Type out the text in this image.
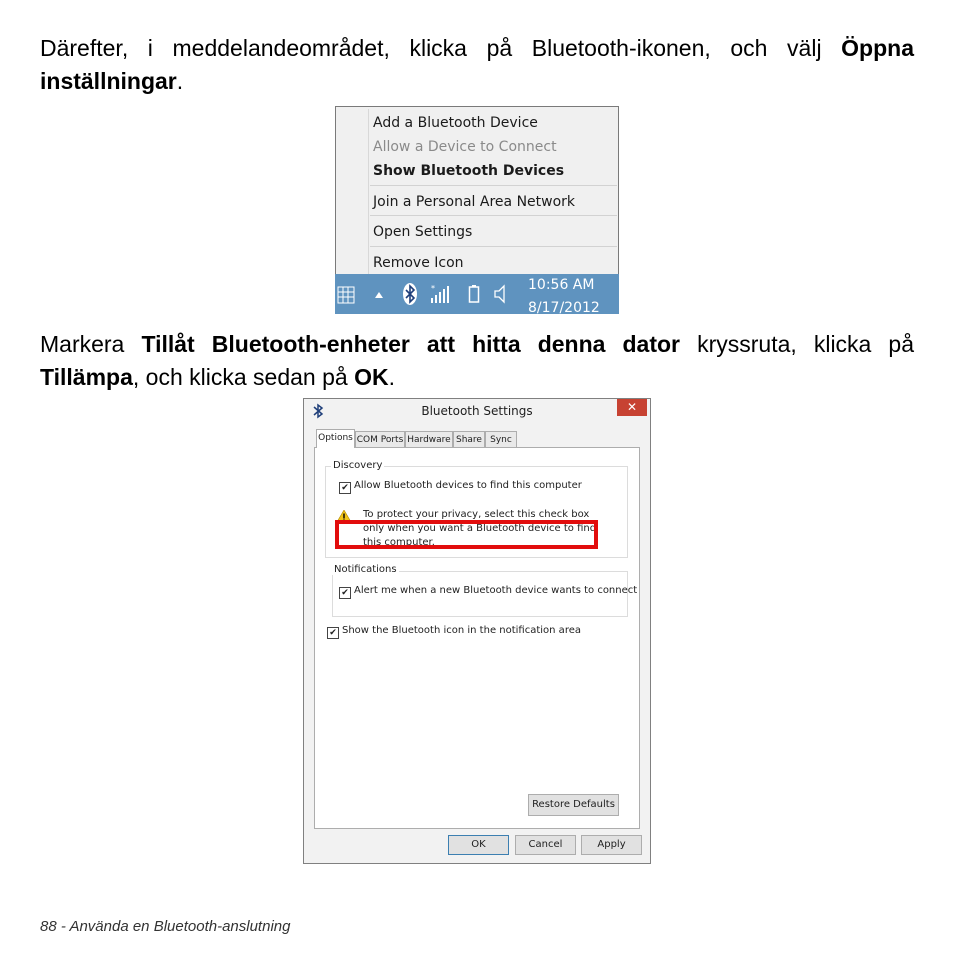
Därefter, i meddelandeområdet, klicka på Bluetooth-ikonen, och välj Öppna inställningar.
Add a Bluetooth Device
Allow a Device to Connect
Show Bluetooth Devices
Join a Personal Area Network
Open Settings
Remove Icon
*	10:56 AM
8/17/2012
Markera Tillåt Bluetooth-enheter att hitta denna dator kryssruta, klicka på Tillämpa, och klicka sedan på OK.
Bluetooth Settings	✕
Options COM Ports Hardware Share Sync
Discovery
✔ Allow Bluetooth devices to find this computer
To protect your privacy, select this check box only when you want a Bluetooth device to find this computer.
Notifications
✔ Alert me when a new Bluetooth device wants to connect
✔ Show the Bluetooth icon in the notification area
Restore Defaults
OK	Cancel	Apply
88 - Använda en Bluetooth-anslutning
